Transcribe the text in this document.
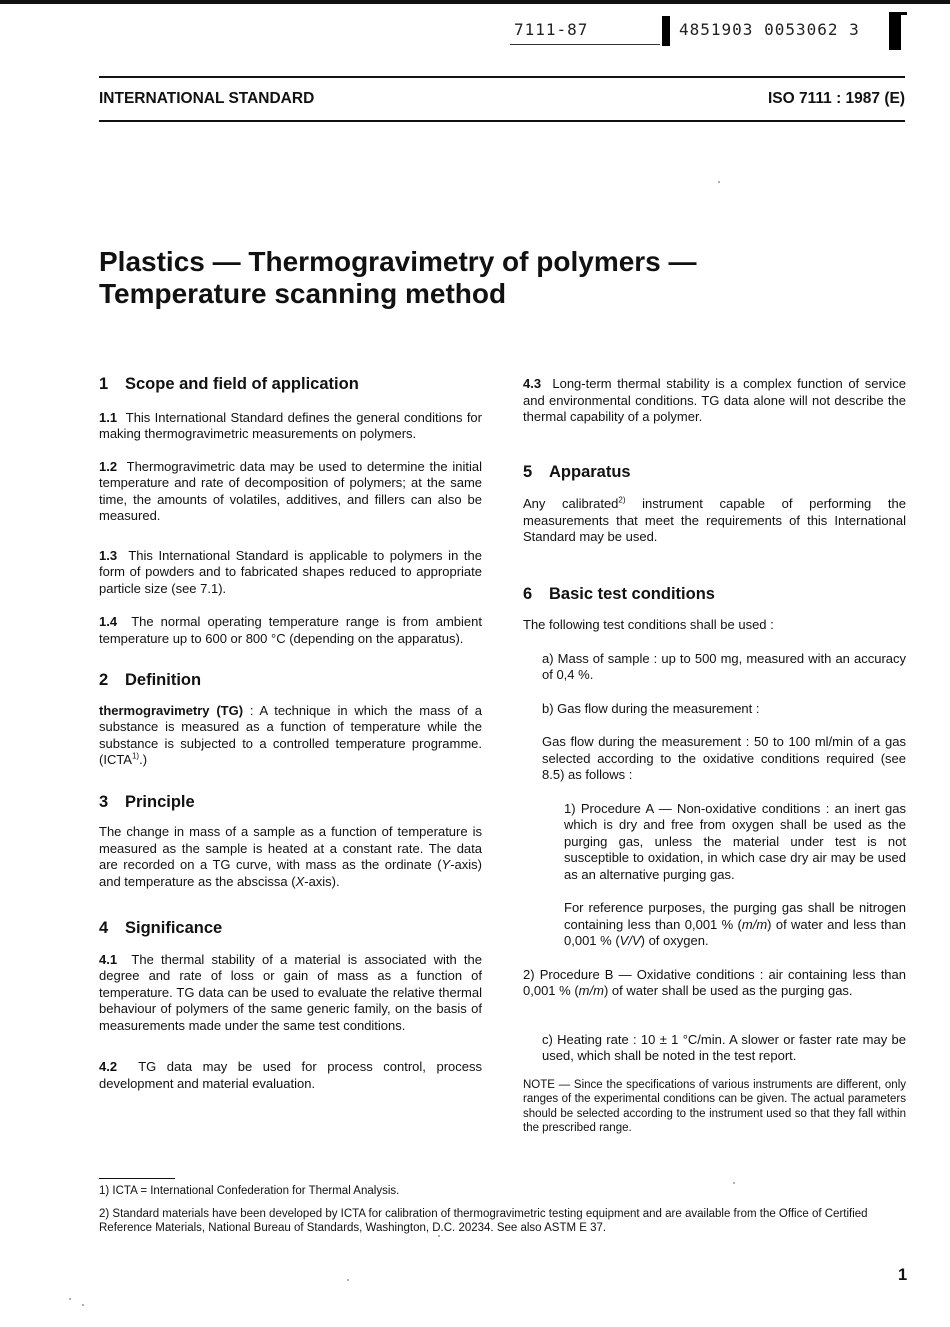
7111-87	4851903 0053062 3
INTERNATIONAL STANDARD	ISO 7111 : 1987 (E)
Plastics — Thermogravimetry of polymers —
Temperature scanning method
1 Scope and field of application

1.1 This International Standard defines the general conditions for making thermogravimetric measurements on polymers.

1.2 Thermogravimetric data may be used to determine the initial temperature and rate of decomposition of polymers; at the same time, the amounts of volatiles, additives, and fillers can also be measured.

1.3 This International Standard is applicable to polymers in the form of powders and to fabricated shapes reduced to appropriate particle size (see 7.1).

1.4 The normal operating temperature range is from ambient temperature up to 600 or 800 °C (depending on the apparatus).

2 Definition

thermogravimetry (TG) : A technique in which the mass of a substance is measured as a function of temperature while the substance is subjected to a controlled temperature programme. (ICTA$^{1)}$.)

3 Principle

The change in mass of a sample as a function of temperature is measured as the sample is heated at a constant rate. The data are recorded on a TG curve, with mass as the ordinate (Y-axis) and temperature as the abscissa (X-axis).

4 Significance

4.1 The thermal stability of a material is associated with the degree and rate of loss or gain of mass as a function of temperature. TG data can be used to evaluate the relative thermal behaviour of polymers of the same generic family, on the basis of measurements made under the same test conditions.

4.2 TG data may be used for process control, process development and material evaluation.

4.3 Long-term thermal stability is a complex function of service and environmental conditions. TG data alone will not describe the thermal capability of a polymer.

5 Apparatus

Any calibrated$^{2)}$ instrument capable of performing the measurements that meet the requirements of this International Standard may be used.

6 Basic test conditions

The following test conditions shall be used :

a) Mass of sample : up to 500 mg, measured with an accuracy of 0,4 %.

b) Gas flow during the measurement :

Gas flow during the measurement : 50 to 100 ml/min of a gas selected according to the oxidative conditions required (see 8.5) as follows :

1) Procedure A — Non-oxidative conditions : an inert gas which is dry and free from oxygen shall be used as the purging gas, unless the material under test is not susceptible to oxidation, in which case dry air may be used as an alternative purging gas.

For reference purposes, the purging gas shall be nitrogen containing less than 0,001 % (m/m) of water and less than 0,001 % (V/V) of oxygen.

2) Procedure B — Oxidative conditions : air containing less than 0,001 % (m/m) of water shall be used as the purging gas.

c) Heating rate : 10 ± 1 °C/min. A slower or faster rate may be used, which shall be noted in the test report.

NOTE — Since the specifications of various instruments are different, only ranges of the experimental conditions can be given. The actual parameters should be selected according to the instrument used so that they fall within the prescribed range.

1) ICTA = International Confederation for Thermal Analysis.
2) Standard materials have been developed by ICTA for calibration of thermogravimetric testing equipment and are available from the Office of Certified Reference Materials, National Bureau of Standards, Washington, D.C. 20234. See also ASTM E 37.
1
